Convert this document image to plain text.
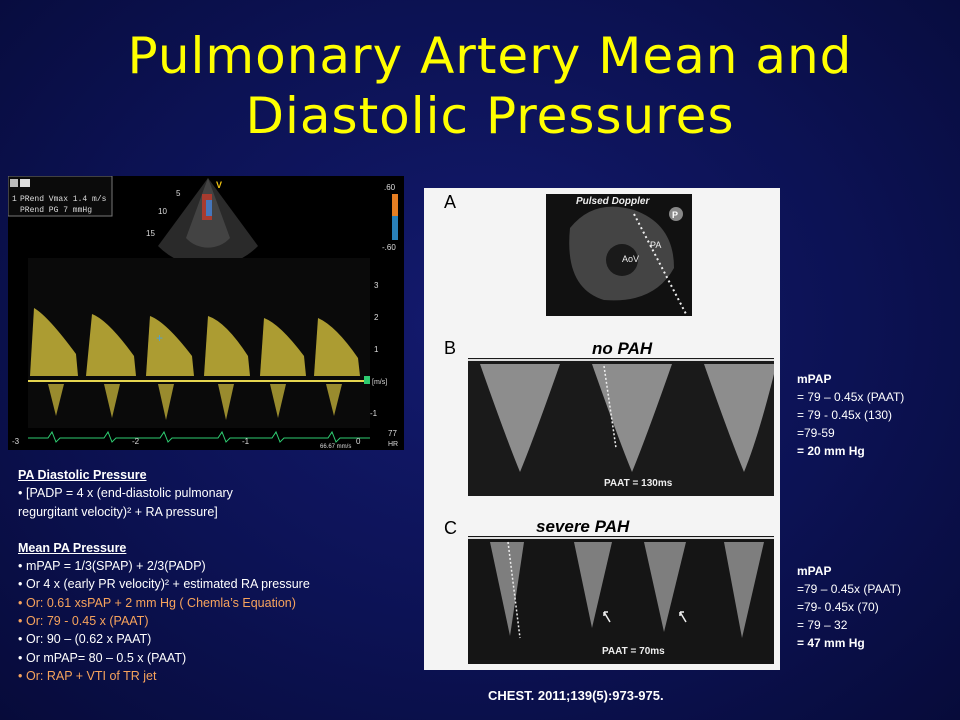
Pulmonary Artery Mean and
Diastolic Pressures
1 PRend Vmax 1.4 m/s
PRend PG 7 mmHg
5
10
15
V	.60
-.60
+
3
2
1
-1
[m/s]
-3	-2	-1	0
66.67 mm/s
77
HR
A	Pulsed Doppler
P
PA
AoV
B	no PAH
PAAT = 130ms
C	severe PAH
PAAT = 70ms
PA Diastolic Pressure
• [PADP = 4 x (end-diastolic pulmonary
regurgitant velocity)² + RA pressure]
Mean PA Pressure
• mPAP = 1/3(SPAP) + 2/3(PADP)
• Or 4 x (early PR velocity)² + estimated RA pressure
• Or: 0.61 xsPAP + 2 mm Hg ( Chemla’s Equation)
• Or: 79 - 0.45 x (PAAT)
• Or: 90 – (0.62 x PAAT)
• Or mPAP= 80 – 0.5 x (PAAT)
• Or: RAP + VTI of TR jet
mPAP
= 79 – 0.45x (PAAT)
= 79 - 0.45x (130)
=79-59
= 20 mm Hg
mPAP
=79 – 0.45x (PAAT)
=79- 0.45x (70)
= 79 – 32
= 47 mm Hg
CHEST. 2011;139(5):973-975.
